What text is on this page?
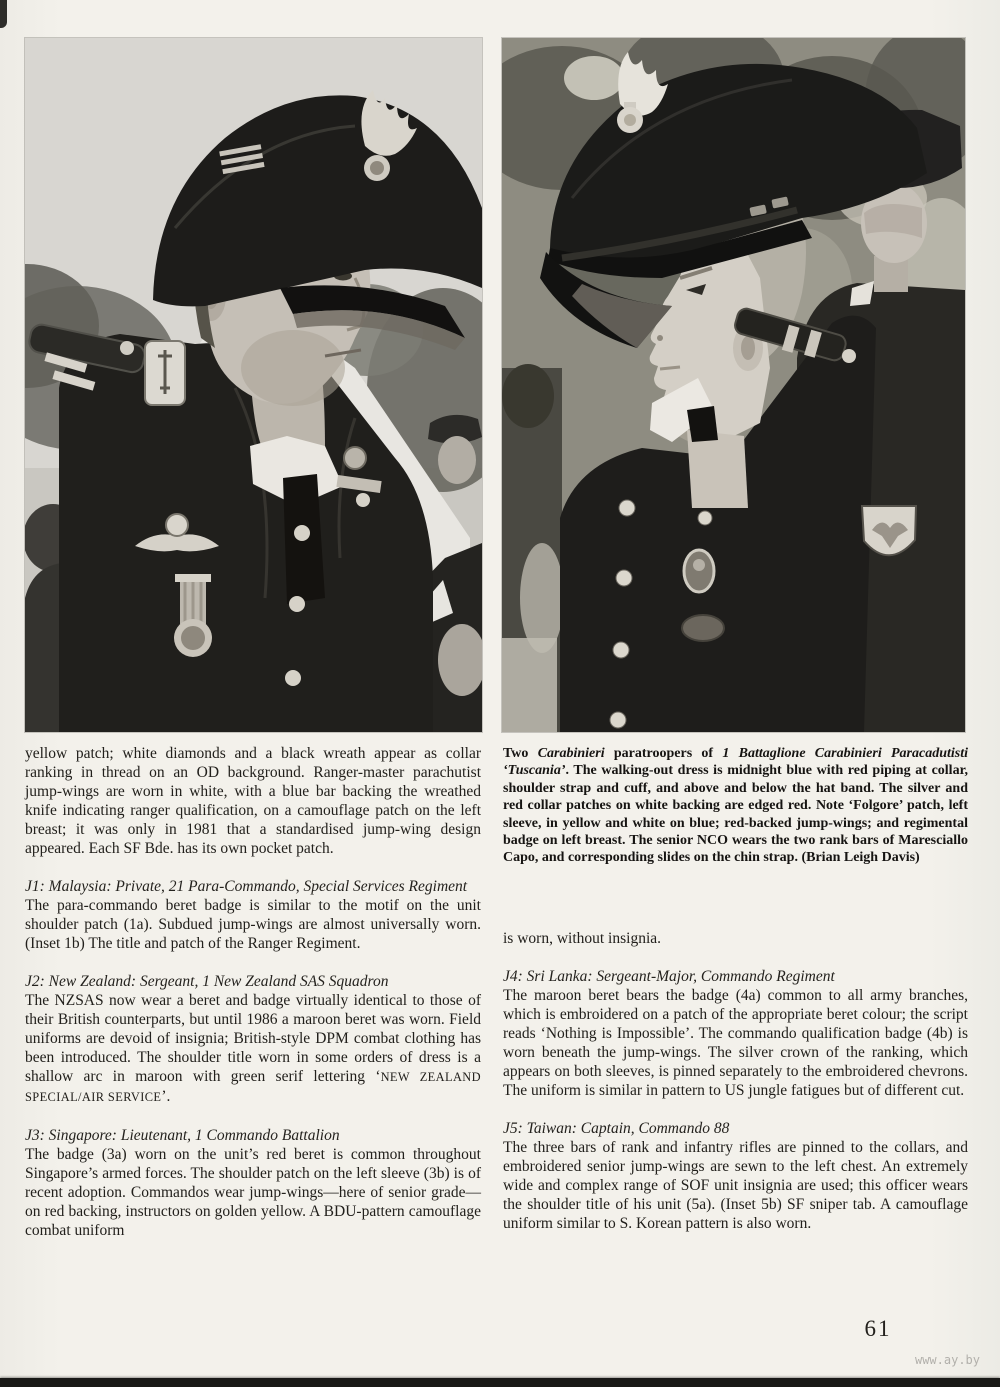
Two Carabinieri paratroopers of 1 Battaglione Carabinieri Paracadutisti ‘Tuscania’. The walking-out dress is midnight blue with red piping at collar, shoulder strap and cuff, and above and below the hat band. The silver and red collar patches on white backing are edged red. Note ‘Folgore’ patch, left sleeve, in yellow and white on blue; red-backed jump-wings; and regimental badge on left breast. The senior NCO wears the two rank bars of Maresciallo Capo, and corresponding slides on the chin strap. (Brian Leigh Davis)

yellow patch; white diamonds and a black wreath appear as collar ranking in thread on an OD background. Ranger-master parachutist jump-wings are worn in white, with a blue bar backing the wreathed knife indicating ranger qualification, on a camouflage patch on the left breast; it was only in 1981 that a standardised jump-wing design appeared. Each SF Bde. has its own pocket patch.

J1: Malaysia: Private, 21 Para-Commando, Special Services Regiment

The para-commando beret badge is similar to the motif on the unit shoulder patch (1a). Subdued jump-wings are almost universally worn. (Inset 1b) The title and patch of the Ranger Regiment.

J2: New Zealand: Sergeant, 1 New Zealand SAS Squadron

The NZSAS now wear a beret and badge virtually identical to those of their British counterparts, but until 1986 a maroon beret was worn. Field uniforms are devoid of insignia; British-style DPM combat clothing has been introduced. The shoulder title worn in some orders of dress is a shallow arc in maroon with green serif lettering ‘NEW ZEALAND SPECIAL/AIR SERVICE’.

J3: Singapore: Lieutenant, 1 Commando Battalion

The badge (3a) worn on the unit’s red beret is common throughout Singapore’s armed forces. The shoulder patch on the left sleeve (3b) is of recent adoption. Commandos wear jump-wings—here of senior grade—on red backing, instructors on golden yellow. A BDU-pattern camouflage combat uniform

is worn, without insignia.

J4: Sri Lanka: Sergeant-Major, Commando Regiment

The maroon beret bears the badge (4a) common to all army branches, which is embroidered on a patch of the appropriate beret colour; the script reads ‘Nothing is Impossible’. The commando qualification badge (4b) is worn beneath the jump-wings. The silver crown of the ranking, which appears on both sleeves, is pinned separately to the embroidered chevrons. The uniform is similar in pattern to US jungle fatigues but of different cut.

J5: Taiwan: Captain, Commando 88

The three bars of rank and infantry rifles are pinned to the collars, and embroidered senior jump-wings are sewn to the left chest. An extremely wide and complex range of SOF unit insignia are used; this officer wears the shoulder title of his unit (5a). (Inset 5b) SF sniper tab. A camouflage uniform similar to S. Korean pattern is also worn.

61
www.ay.by
